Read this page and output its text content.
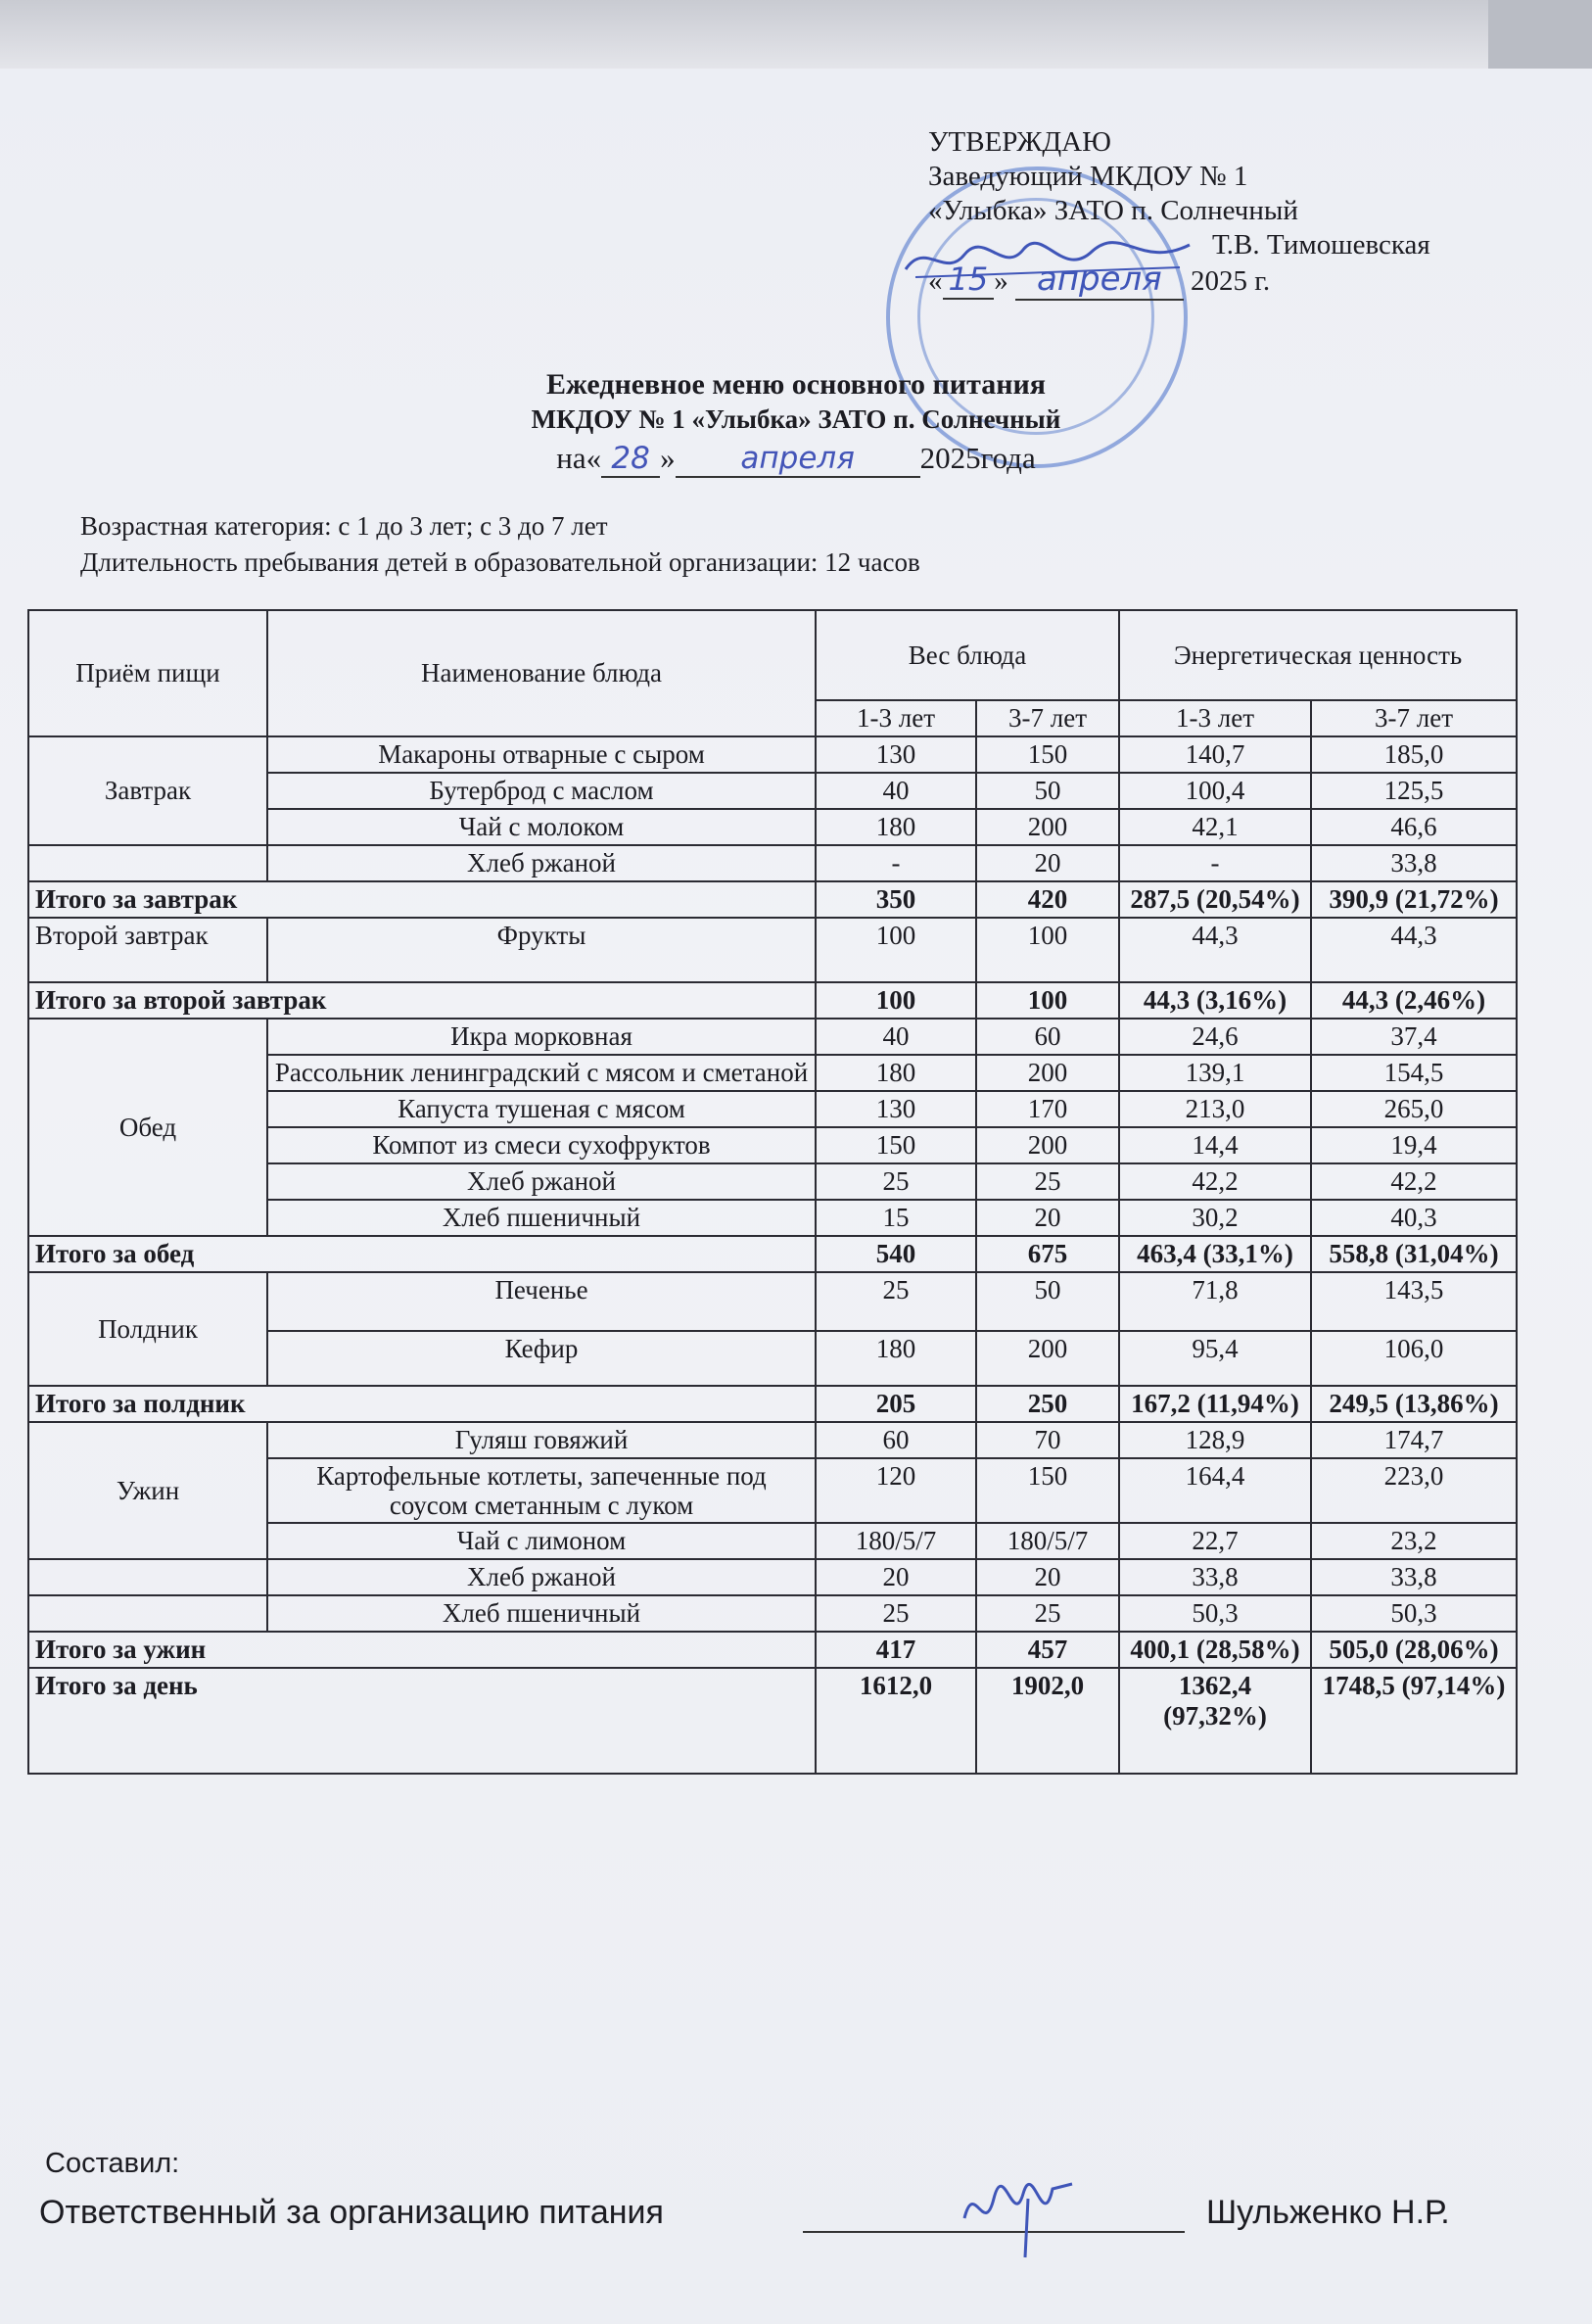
УТВЕРЖДАЮ
Заведующий МКДОУ № 1
«Улыбка» ЗАТО п. Солнечный
Т.В. Тимошевская
« 15 » апреля 2025 г.
Ежедневное меню основного питания
МКДОУ № 1 «Улыбка» ЗАТО п. Солнечный
на« 28 » апреля 2025года
Возрастная категория: с 1 до 3 лет; с 3 до 7 лет
Длительность пребывания детей в образовательной организации: 12 часов
Приём пищи	Наименование блюда	Вес блюда		Энергетическая ценность	
		1-3 лет	3-7 лет	1-3 лет	3-7 лет
Завтрак	Макароны отварные с сыром	130	150	140,7	185,0
	Бутерброд с маслом	40	50	100,4	125,5
	Чай с молоком	180	200	42,1	46,6
	Хлеб ржаной	-	20	-	33,8
Итого за завтрак		350	420	287,5 (20,54%)	390,9 (21,72%)
Второй завтрак	Фрукты	100	100	44,3	44,3
Итого за второй завтрак		100	100	44,3 (3,16%)	44,3 (2,46%)
Обед	Икра морковная	40	60	24,6	37,4
	Рассольник ленинградский с мясом и сметаной	180	200	139,1	154,5
	Капуста тушеная с мясом	130	170	213,0	265,0
	Компот из смеси сухофруктов	150	200	14,4	19,4
	Хлеб ржаной	25	25	42,2	42,2
	Хлеб пшеничный	15	20	30,2	40,3
Итого за обед		540	675	463,4 (33,1%)	558,8 (31,04%)
Полдник	Печенье	25	50	71,8	143,5
	Кефир	180	200	95,4	106,0
Итого за полдник		205	250	167,2 (11,94%)	249,5 (13,86%)
Ужин	Гуляш говяжий	60	70	128,9	174,7
	Картофельные котлеты, запеченные под соусом сметанным с луком	120	150	164,4	223,0
	Чай с лимоном	180/5/7	180/5/7	22,7	23,2
	Хлеб ржаной	20	20	33,8	33,8
	Хлеб пшеничный	25	25	50,3	50,3
Итого за ужин		417	457	400,1 (28,58%)	505,0 (28,06%)
Итого за день		1612,0	1902,0	1362,4 (97,32%)	1748,5 (97,14%)
Составил:
Ответственный за организацию питания	Шульженко Н.Р.
